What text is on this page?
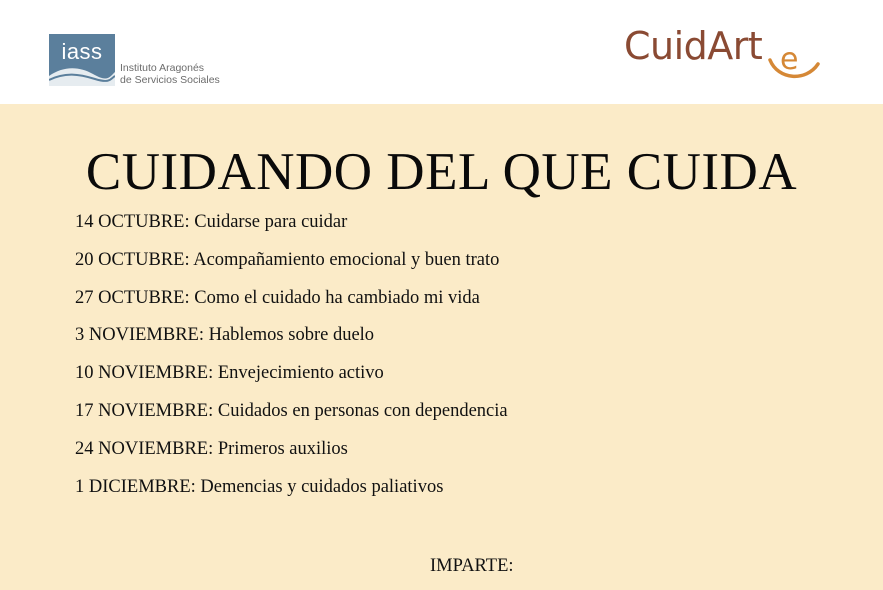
iass
Instituto Aragonés
de Servicios Sociales
CuidArt e
CUIDANDO DEL QUE CUIDA
14 OCTUBRE: Cuidarse para cuidar
20 OCTUBRE: Acompañamiento emocional y buen trato
27 OCTUBRE: Como el cuidado ha cambiado mi vida
3 NOVIEMBRE: Hablemos sobre duelo
10 NOVIEMBRE: Envejecimiento activo
17 NOVIEMBRE: Cuidados en personas con dependencia
24 NOVIEMBRE: Primeros auxilios
1 DICIEMBRE: Demencias y cuidados paliativos
IMPARTE:
